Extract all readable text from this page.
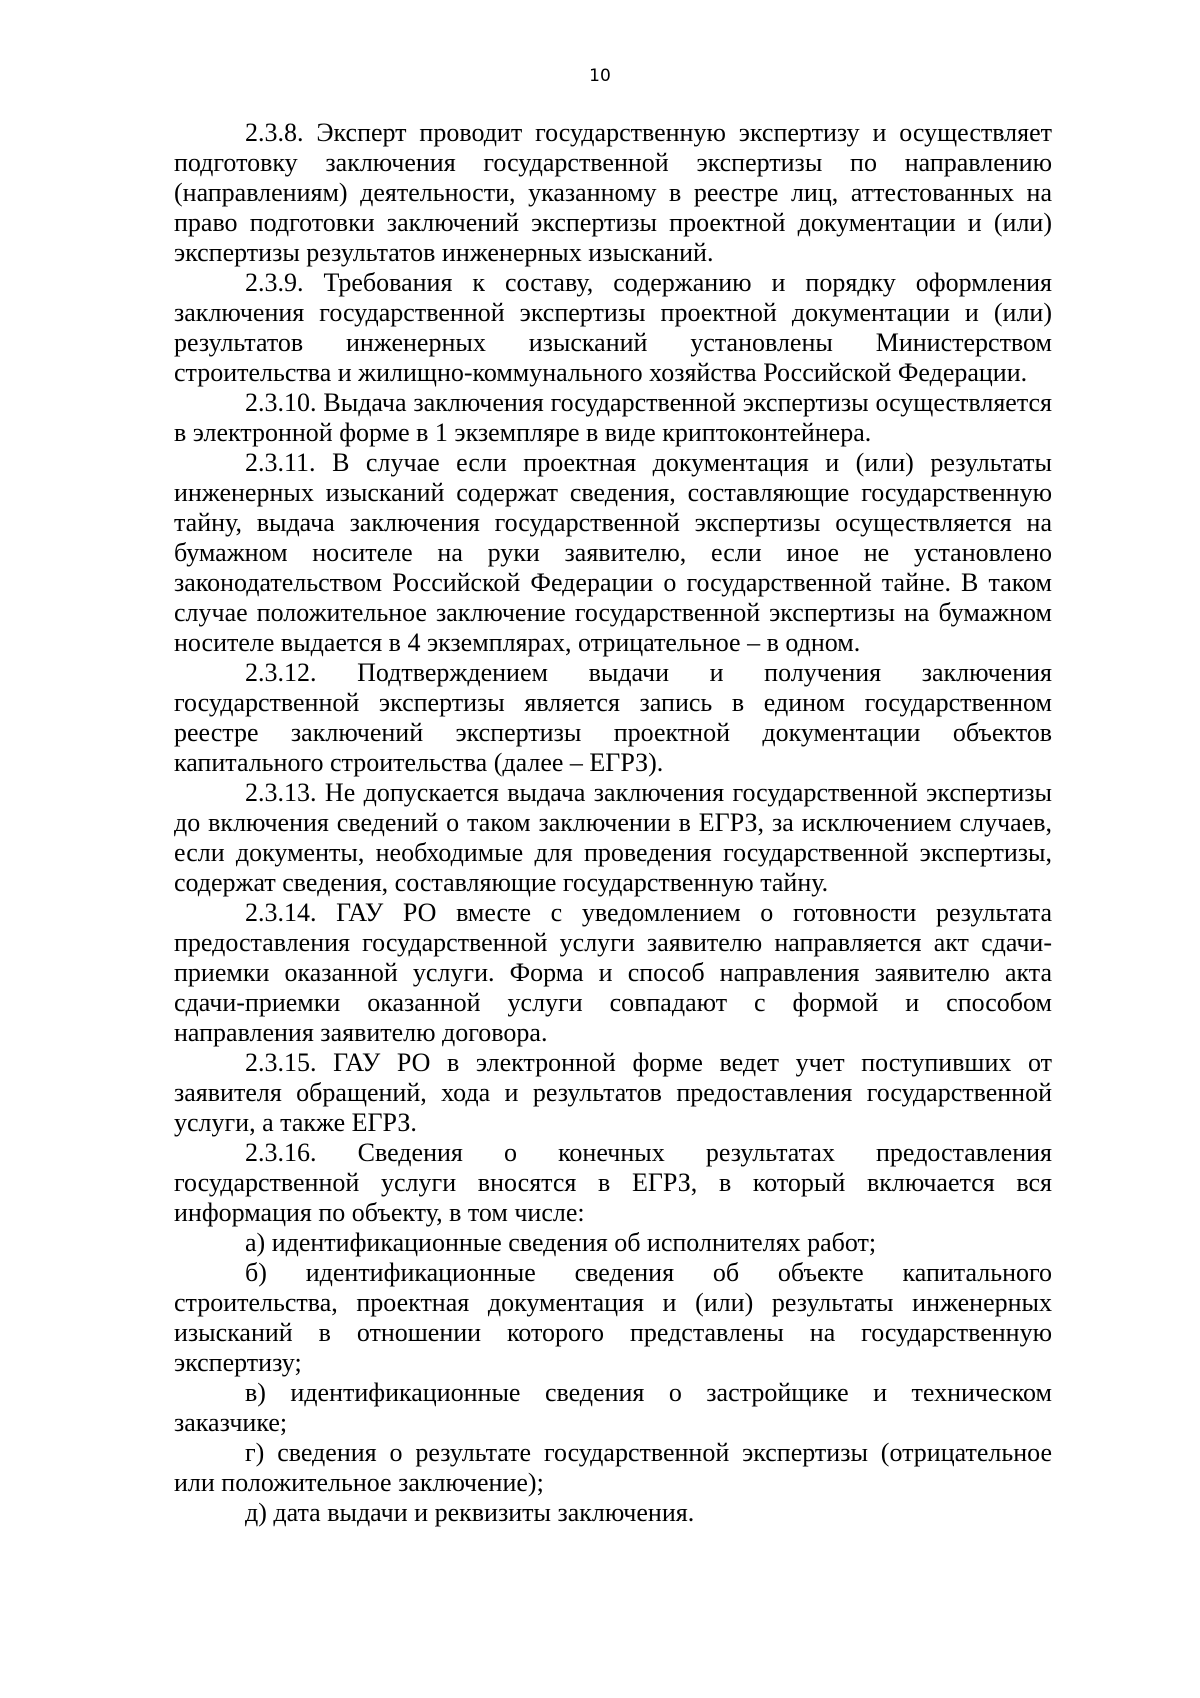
10

2.3.8. Эксперт проводит государственную экспертизу и осуществляет подготовку заключения государственной экспертизы по направлению (направлениям) деятельности, указанному в реестре лиц, аттестованных на право подготовки заключений экспертизы проектной документации и (или) экспертизы результатов инженерных изысканий.

2.3.9. Требования к составу, содержанию и порядку оформления заключения государственной экспертизы проектной документации и (или) результатов инженерных изысканий установлены Министерством строительства и жилищно-коммунального хозяйства Российской Федерации.

2.3.10. Выдача заключения государственной экспертизы осуществляется в электронной форме в 1 экземпляре в виде криптоконтейнера.

2.3.11. В случае если проектная документация и (или) результаты инженерных изысканий содержат сведения, составляющие государственную тайну, выдача заключения государственной экспертизы осуществляется на бумажном носителе на руки заявителю, если иное не установлено законодательством Российской Федерации о государственной тайне. В таком случае положительное заключение государственной экспертизы на бумажном носителе выдается в 4 экземплярах, отрицательное – в одном.

2.3.12. Подтверждением выдачи и получения заключения государственной экспертизы является запись в едином государственном реестре заключений экспертизы проектной документации объектов капитального строительства (далее – ЕГРЗ).

2.3.13. Не допускается выдача заключения государственной экспертизы до включения сведений о таком заключении в ЕГРЗ, за исключением случаев, если документы, необходимые для проведения государственной экспертизы, содержат сведения, составляющие государственную тайну.

2.3.14. ГАУ РО вместе с уведомлением о готовности результата предоставления государственной услуги заявителю направляется акт сдачи-приемки оказанной услуги. Форма и способ направления заявителю акта сдачи-приемки оказанной услуги совпадают с формой и способом направления заявителю договора.

2.3.15. ГАУ РО в электронной форме ведет учет поступивших от заявителя обращений, хода и результатов предоставления государственной услуги, а также ЕГРЗ.

2.3.16. Сведения о конечных результатах предоставления государственной услуги вносятся в ЕГРЗ, в который включается вся информация по объекту, в том числе:

а) идентификационные сведения об исполнителях работ;

б) идентификационные сведения об объекте капитального строительства, проектная документация и (или) результаты инженерных изысканий в отношении которого представлены на государственную экспертизу;

в) идентификационные сведения о застройщике и техническом заказчике;

г) сведения о результате государственной экспертизы (отрицательное или положительное заключение);

д) дата выдачи и реквизиты заключения.
